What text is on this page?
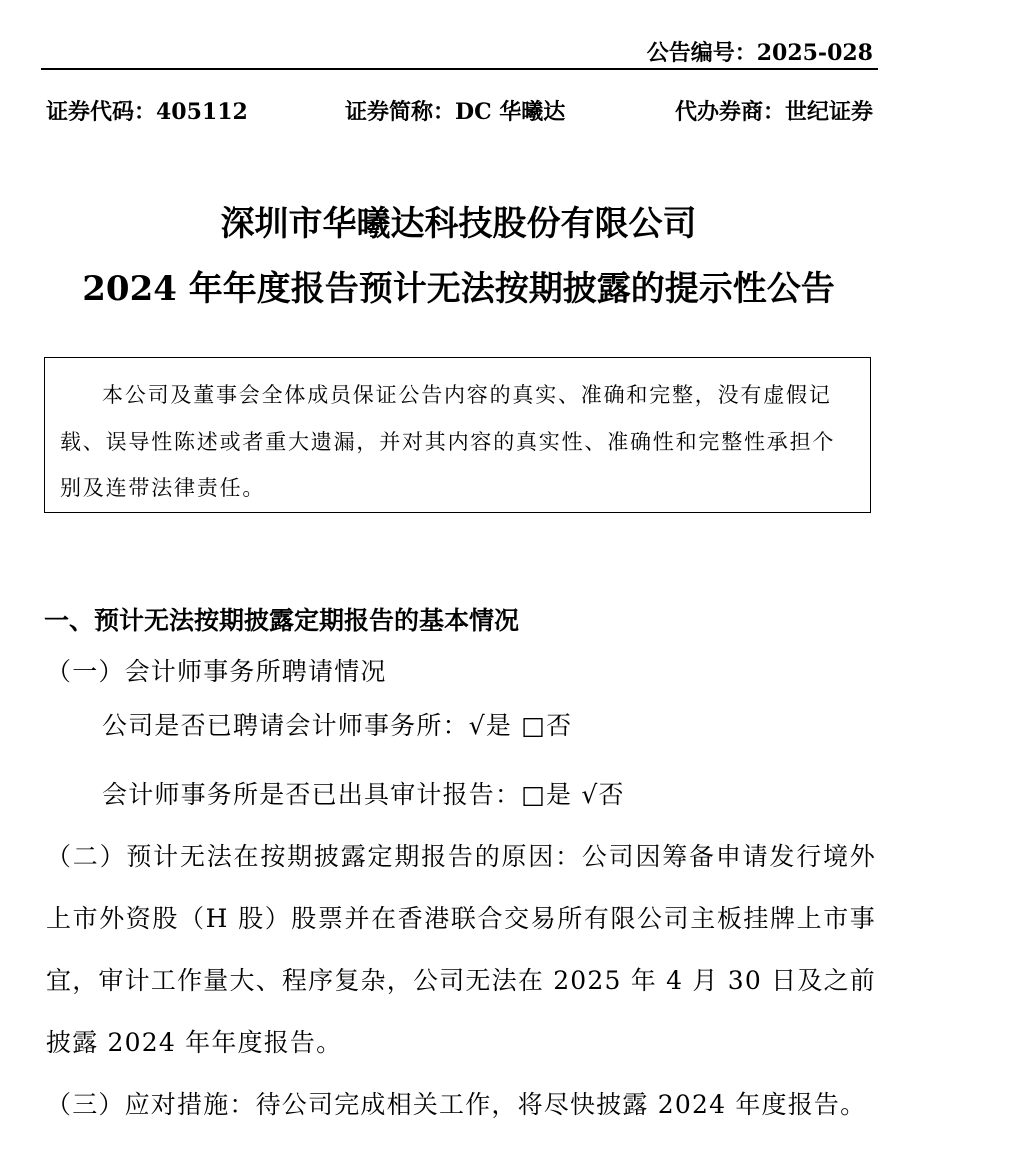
公告编号：2025-028
证券代码：405112	证券简称：DC 华曦达	代办券商：世纪证券
深圳市华曦达科技股份有限公司
2024 年年度报告预计无法按期披露的提示性公告
本公司及董事会全体成员保证公告内容的真实、准确和完整，没有虚假记载、误导性陈述或者重大遗漏，并对其内容的真实性、准确性和完整性承担个别及连带法律责任。
一、预计无法按期披露定期报告的基本情况
（一）会计师事务所聘请情况
公司是否已聘请会计师事务所：√是 □否
会计师事务所是否已出具审计报告：□是 √否
（二）预计无法在按期披露定期报告的原因：公司因筹备申请发行境外上市外资股（H 股）股票并在香港联合交易所有限公司主板挂牌上市事宜，审计工作量大、程序复杂，公司无法在 2025 年 4 月 30 日及之前披露 2024 年年度报告。
（三）应对措施：待公司完成相关工作，将尽快披露 2024 年度报告。
